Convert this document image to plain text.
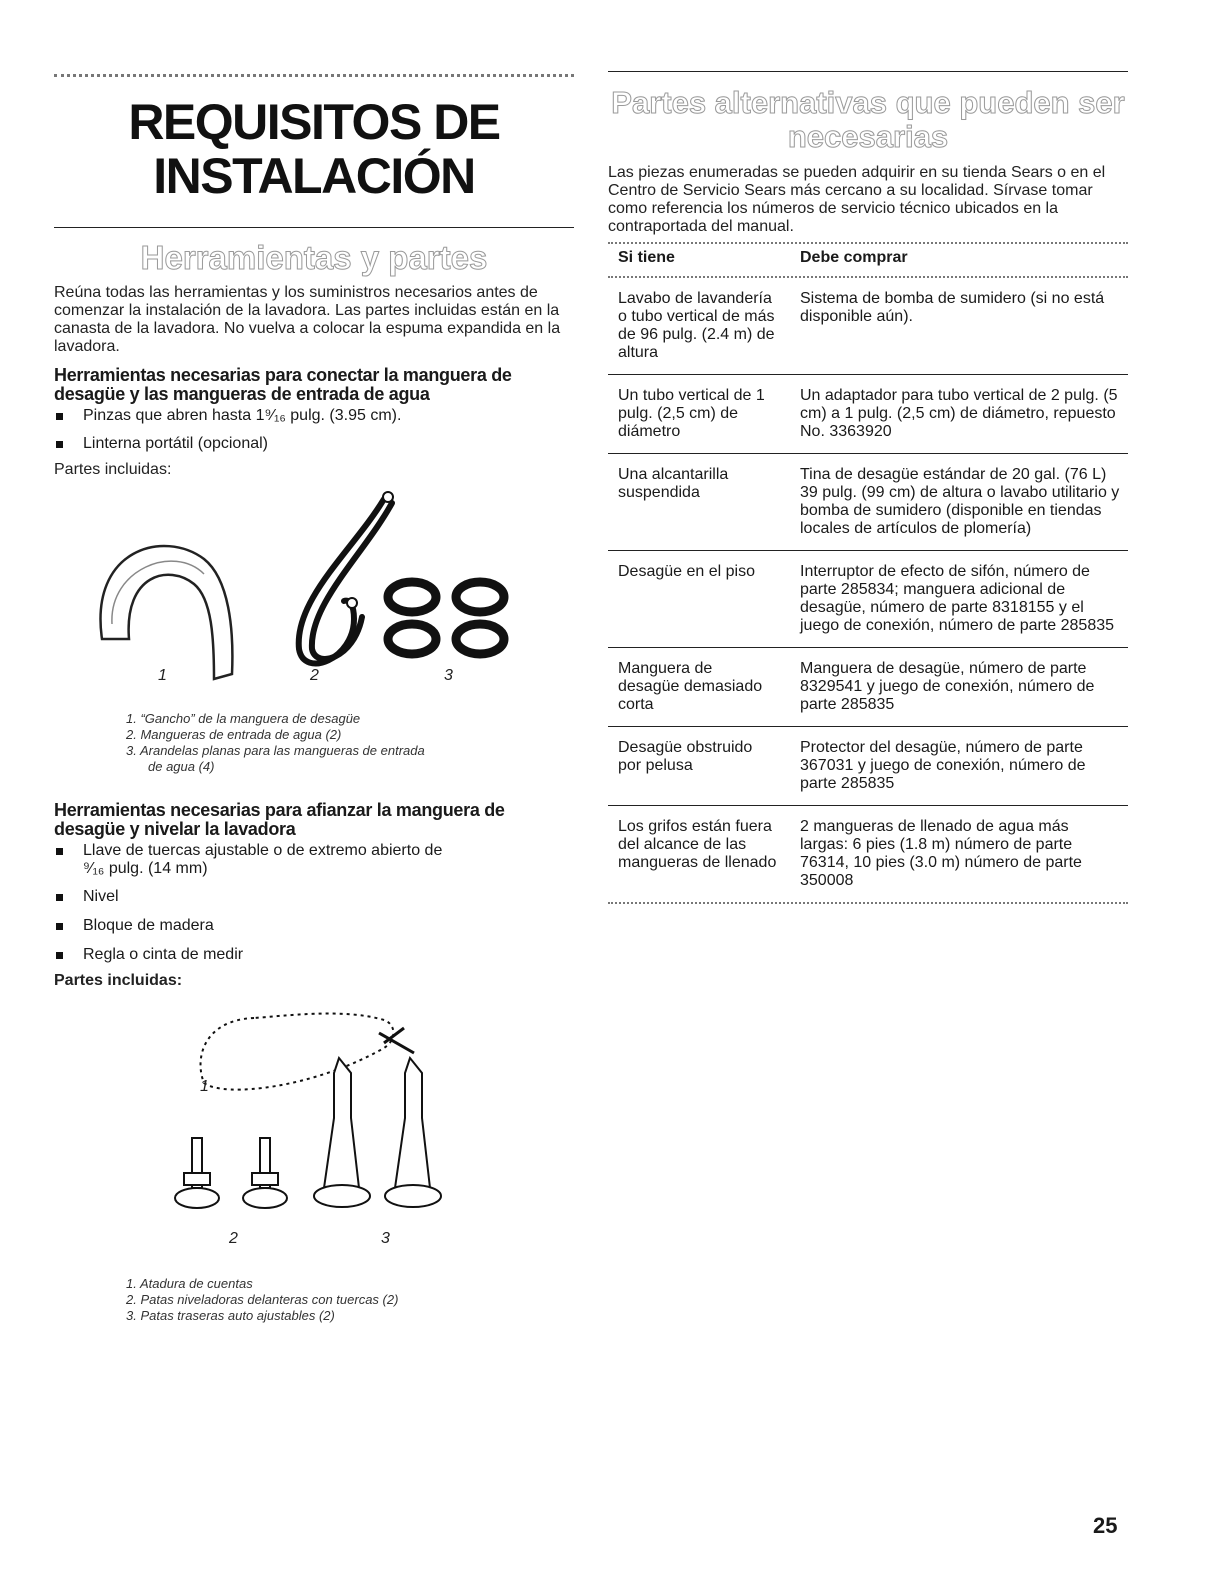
REQUISITOS DE
INSTALACIÓN
Herramientas y partes

Reúna todas las herramientas y los suministros necesarios antes de comenzar la instalación de la lavadora. Las partes incluidas están en la canasta de la lavadora. No vuelva a colocar la espuma expandida en la lavadora.

Herramientas necesarias para conectar la manguera de desagüe y las mangueras de entrada de agua
Pinzas que abren hasta 1⁹⁄₁₆ pulg. (3.95 cm).
Linterna portátil (opcional)

Partes incluidas:

1	2	3
1. “Gancho” de la manguera de desagüe
2. Mangueras de entrada de agua (2)
3. Arandelas planas para las mangueras de entrada
de agua (4)
Herramientas necesarias para afianzar la manguera de desagüe y nivelar la lavadora
Llave de tuercas ajustable o de extremo abierto de
⁹⁄₁₆ pulg. (14 mm)
Nivel
Bloque de madera
Regla o cinta de medir

Partes incluidas:

1
2	3
1. Atadura de cuentas
2. Patas niveladoras delanteras con tuercas (2)
3. Patas traseras auto ajustables (2)
Partes alternativas que pueden ser
necesarias

Las piezas enumeradas se pueden adquirir en su tienda Sears o en el Centro de Servicio Sears más cercano a su localidad. Sírvase tomar como referencia los números de servicio técnico ubicados en la contraportada del manual.

Si tiene	Debe comprar
Lavabo de lavandería o tubo vertical de más de 96 pulg. (2.4 m) de altura	Sistema de bomba de sumidero (si no está disponible aún).
Un tubo vertical de 1 pulg. (2,5 cm) de diámetro	Un adaptador para tubo vertical de 2 pulg. (5 cm) a 1 pulg. (2,5 cm) de diámetro, repuesto No. 3363920
Una alcantarilla suspendida	Tina de desagüe estándar de 20 gal. (76 L) 39 pulg. (99 cm) de altura o lavabo utilitario y bomba de sumidero (disponible en tiendas locales de artículos de plomería)
Desagüe en el piso	Interruptor de efecto de sifón, número de parte 285834; manguera adicional de desagüe, número de parte 8318155 y el juego de conexión, número de parte 285835
Manguera de desagüe demasiado corta	Manguera de desagüe, número de parte 8329541 y juego de conexión, número de parte 285835
Desagüe obstruido por pelusa	Protector del desagüe, número de parte 367031 y juego de conexión, número de parte 285835
Los grifos están fuera del alcance de las mangueras de llenado	2 mangueras de llenado de agua más largas: 6 pies (1.8 m) número de parte 76314, 10 pies (3.0 m) número de parte 350008
25
